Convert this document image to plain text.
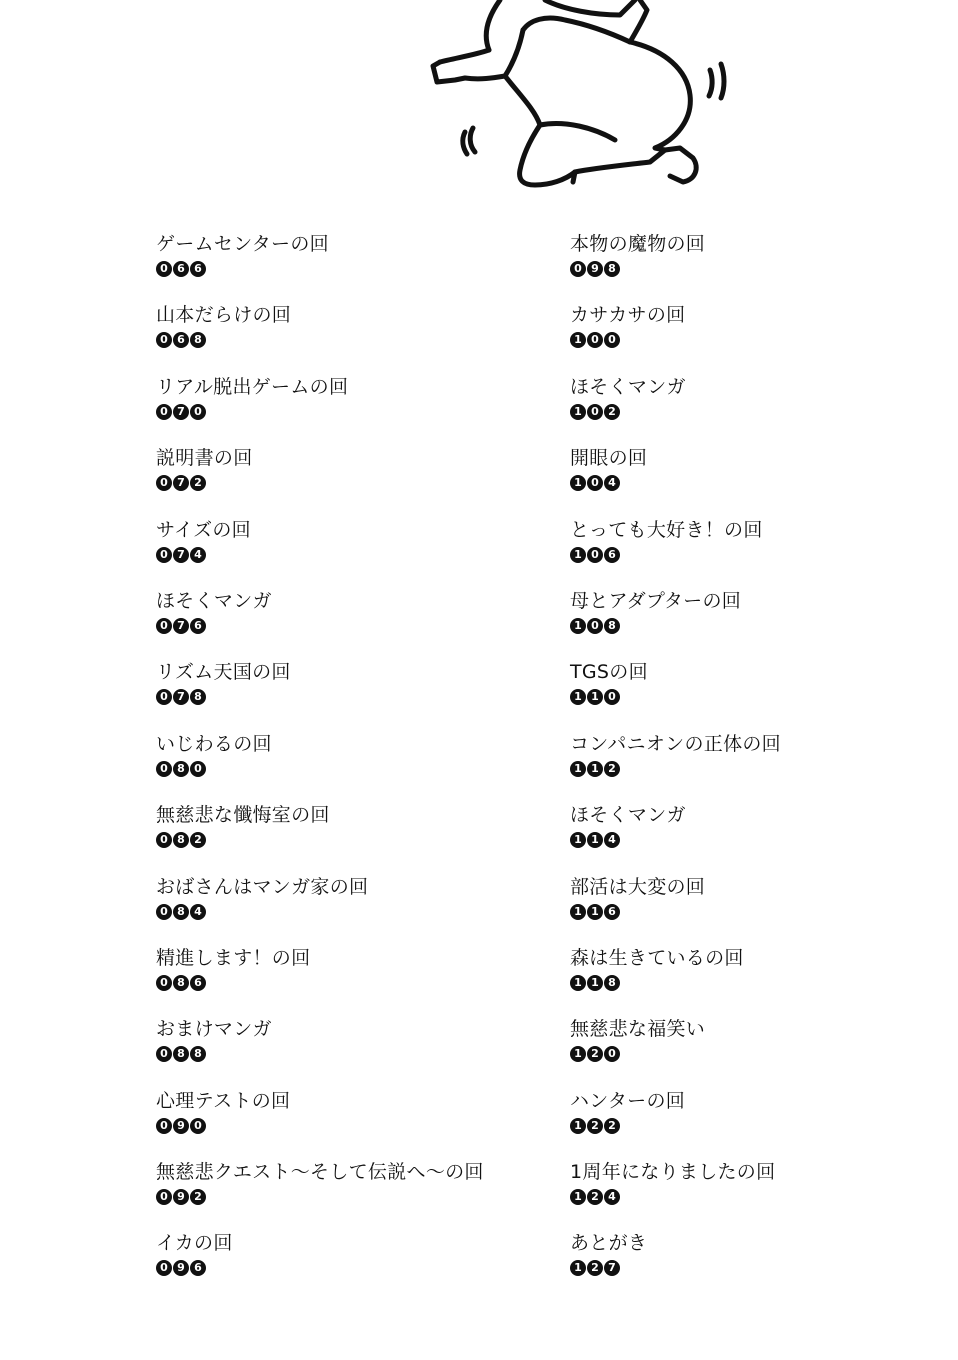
ゲームセンターの回
0 6 6
山本だらけの回
0 6 8
リアル脱出ゲームの回
0 7 0
説明書の回
0 7 2
サイズの回
0 7 4
ほそくマンガ
0 7 6
リズム天国の回
0 7 8
いじわるの回
0 8 0
無慈悲な懺悔室の回
0 8 2
おばさんはマンガ家の回
0 8 4
精進します！の回
0 8 6
おまけマンガ
0 8 8
心理テストの回
0 9 0
無慈悲クエスト〜そして伝説へ〜の回
0 9 2
イカの回
0 9 6
本物の魔物の回
0 9 8
カサカサの回
1 0 0
ほそくマンガ
1 0 2
開眼の回
1 0 4
とっても大好き！の回
1 0 6
母とアダプターの回
1 0 8
TGSの回
1 1 0
コンパニオンの正体の回
1 1 2
ほそくマンガ
1 1 4
部活は大変の回
1 1 6
森は生きているの回
1 1 8
無慈悲な福笑い
1 2 0
ハンターの回
1 2 2
1周年になりましたの回
1 2 4
あとがき
1 2 7
